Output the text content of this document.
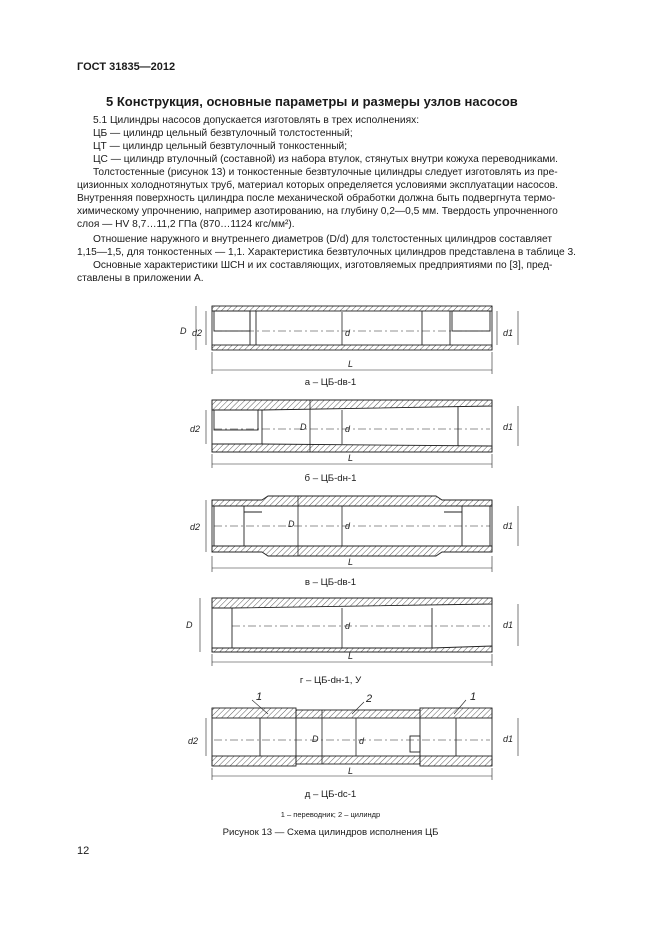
ГОСТ 31835—2012
5 Конструкция, основные параметры и размеры узлов насосов
5.1 Цилиндры насосов допускается изготовлять в трех исполнениях:
ЦБ — цилиндр цельный безвтулочный толстостенный;
ЦТ — цилиндр цельный безвтулочный тонкостенный;
ЦС — цилиндр втулочный (составной) из набора втулок, стянутых внутри кожуха переводниками.
Толстостенные (рисунок 13) и тонкостенные безвтулочные цилиндры следует изготовлять из пре-
цизионных холоднотянутых труб, материал которых определяется условиями эксплуатации насосов.
Внутренняя поверхность цилиндра после механической обработки должна быть подвергнута термо-
химическому упрочнению, например азотированию, на глубину 0,2—0,5 мм. Твердость упрочненного
слоя — HV 8,7…11,2 ГПа (870…1124 кгс/мм²).
Отношение наружного и внутреннего диаметров (D/d) для толстостенных цилиндров составляет
1,15—1,5, для тонкостенных — 1,1. Характеристика безвтулочных цилиндров представлена в таблице 3.
Основные характеристики ШСН и их составляющих, изготовляемых предприятиями по [3], пред-
ставлены в приложении А.
D d2	d	d1
L
d2	D	d	d1
L
d2	D	d	d1
L
D	d	d1
L
1	2	1
d2	D	d	d1
L
а – ЦБ-dв-1
б – ЦБ-dн-1
в – ЦБ-dв-1
г – ЦБ-dн-1, У
д – ЦБ-dс-1
1 – переводник; 2 – цилиндр
Рисунок 13 — Схема цилиндров исполнения ЦБ
12
